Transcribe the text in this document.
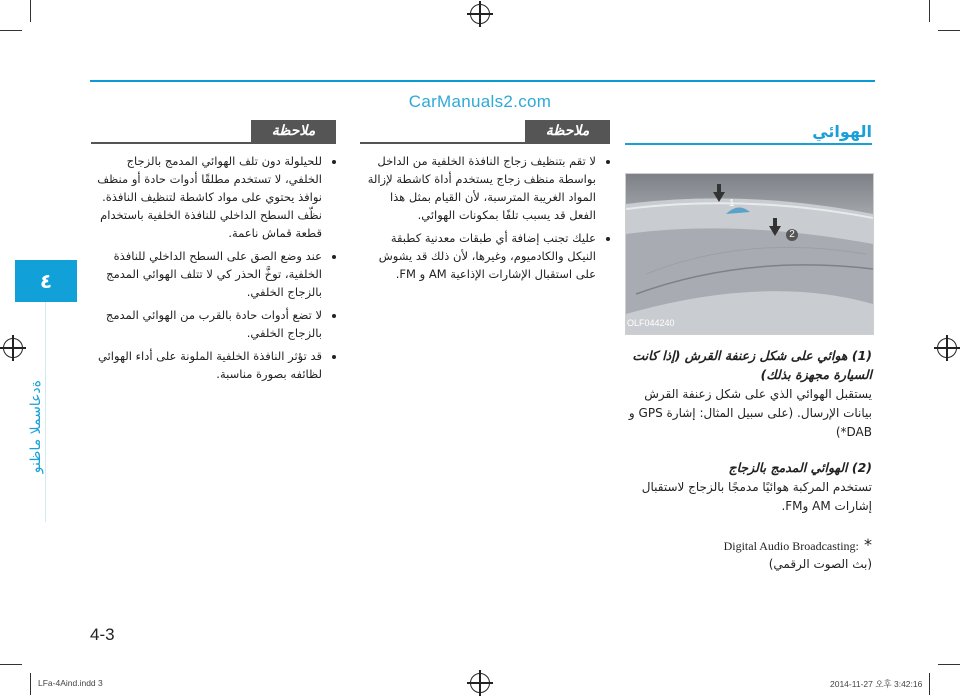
CarManuals2.com
٤
ةدعاسملا ماظنو
ملاحظة
• للحيلولة دون تلف الهوائي المدمج بالزجاج الخلفي، لا تستخدم مطلقًا أدوات حادة أو منظف نوافذ يحتوي على مواد كاشطة لتنظيف النافذة. نظّف السطح الداخلي للنافذة الخلفية باستخدام قطعة قماش ناعمة.
• عند وضع الصق على السطح الداخلي للنافذة الخلفية، توخَّ الحذر كي لا تتلف الهوائي المدمج بالزجاج الخلفي.
• لا تضع أدوات حادة بالقرب من الهوائي المدمج بالزجاج الخلفي.
• قد تؤثر النافذة الخلفية الملونة على أداء الهوائي لظائفه بصورة مناسبة.
ملاحظة
• لا تقم بتنظيف زجاج النافذة الخلفية من الداخل بواسطة منظف زجاج يستخدم أداة كاشطة لإزالة المواد الغريبة المترسبة، لأن القيام بمثل هذا الفعل قد يسبب تلفًا بمكونات الهوائي.
• عليك تجنب إضافة أي طبقات معدنية كطبقة النيكل والكادميوم، وغيرها، لأن ذلك قد يشوش على استقبال الإشارات الإذاعية AM و FM.
الهوائي
1
2
OLF044240
(1) هوائي على شكل زعنفة القرش (إذا كانت السيارة مجهزة بذلك)
يستقبل الهوائي الذي على شكل زعنفة القرش بيانات الإرسال. (على سبيل المثال: إشارة GPS و DAB*)
(2) الهوائي المدمج بالزجاج
تستخدم المركبة هوائيًا مدمجًا بالزجاج لاستقبال إشارات AM وFM.
Digital Audio Broadcasting: *
(بث الصوت الرقمي)
4-3
LFa-4Aind.indd 3	2014-11-27 오후 3:42:16
